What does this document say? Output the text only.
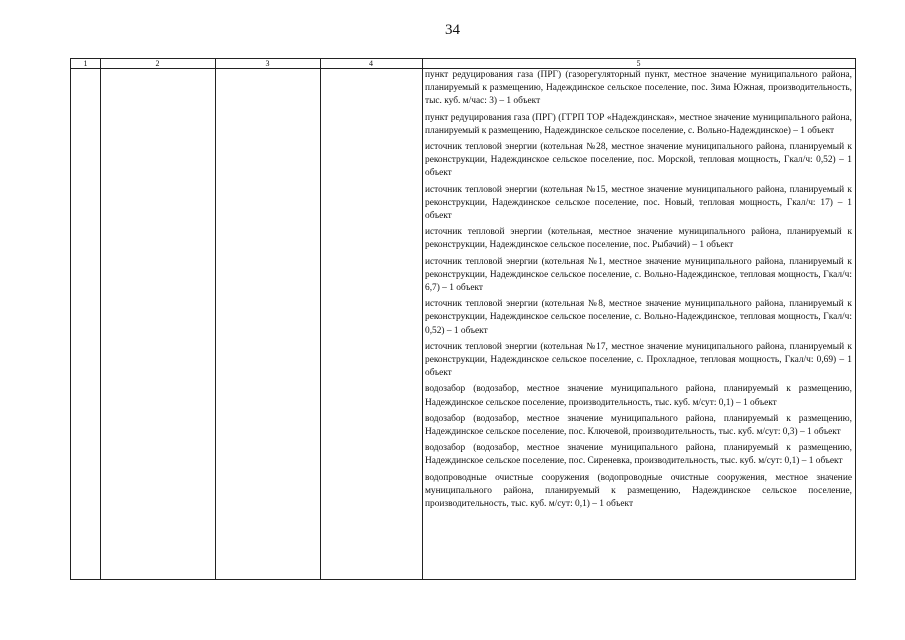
34
1	2	3	4	5

пункт редуцирования газа (ПРГ) (газорегуляторный пункт, местное значение муниципального района, планируемый к размещению, Надеждинское сельское поселение, пос. Зима Южная, производительность, тыс. куб. м/час: 3) – 1 объект

пункт редуцирования газа (ПРГ) (ГГРП ТОР «Надеждинская», местное значение муниципального района, планируемый к размещению, Надеждинское сельское поселение, с. Вольно-Надеждинское) – 1 объект

источник тепловой энергии (котельная №28, местное значение муниципального района, планируемый к реконструкции, Надеждинское сельское поселение, пос. Морской, тепловая мощность, Гкал/ч: 0,52) – 1 объект

источник тепловой энергии (котельная №15, местное значение муниципального района, планируемый к реконструкции, Надеждинское сельское поселение, пос. Новый, тепловая мощность, Гкал/ч: 17) – 1 объект

источник тепловой энергии (котельная, местное значение муниципального района, планируемый к реконструкции, Надеждинское сельское поселение, пос. Рыбачий) – 1 объект

источник тепловой энергии (котельная №1, местное значение муниципального района, планируемый к реконструкции, Надеждинское сельское поселение, с. Вольно-Надеждинское, тепловая мощность, Гкал/ч: 6,7) – 1 объект

источник тепловой энергии (котельная №8, местное значение муниципального района, планируемый к реконструкции, Надеждинское сельское поселение, с. Вольно-Надеждинское, тепловая мощность, Гкал/ч: 0,52) – 1 объект

источник тепловой энергии (котельная №17, местное значение муниципального района, планируемый к реконструкции, Надеждинское сельское поселение, с. Прохладное, тепловая мощность, Гкал/ч: 0,69) – 1 объект

водозабор (водозабор, местное значение муниципального района, планируемый к размещению, Надеждинское сельское поселение, производительность, тыс. куб. м/сут: 0,1) – 1 объект

водозабор (водозабор, местное значение муниципального района, планируемый к размещению, Надеждинское сельское поселение, пос. Ключевой, производительность, тыс. куб. м/сут: 0,3) – 1 объект

водозабор (водозабор, местное значение муниципального района, планируемый к размещению, Надеждинское сельское поселение, пос. Сиреневка, производительность, тыс. куб. м/сут: 0,1) – 1 объект

водопроводные очистные сооружения (водопроводные очистные сооружения, местное значение муниципального района, планируемый к размещению, Надеждинское сельское поселение, производительность, тыс. куб. м/сут: 0,1) – 1 объект
